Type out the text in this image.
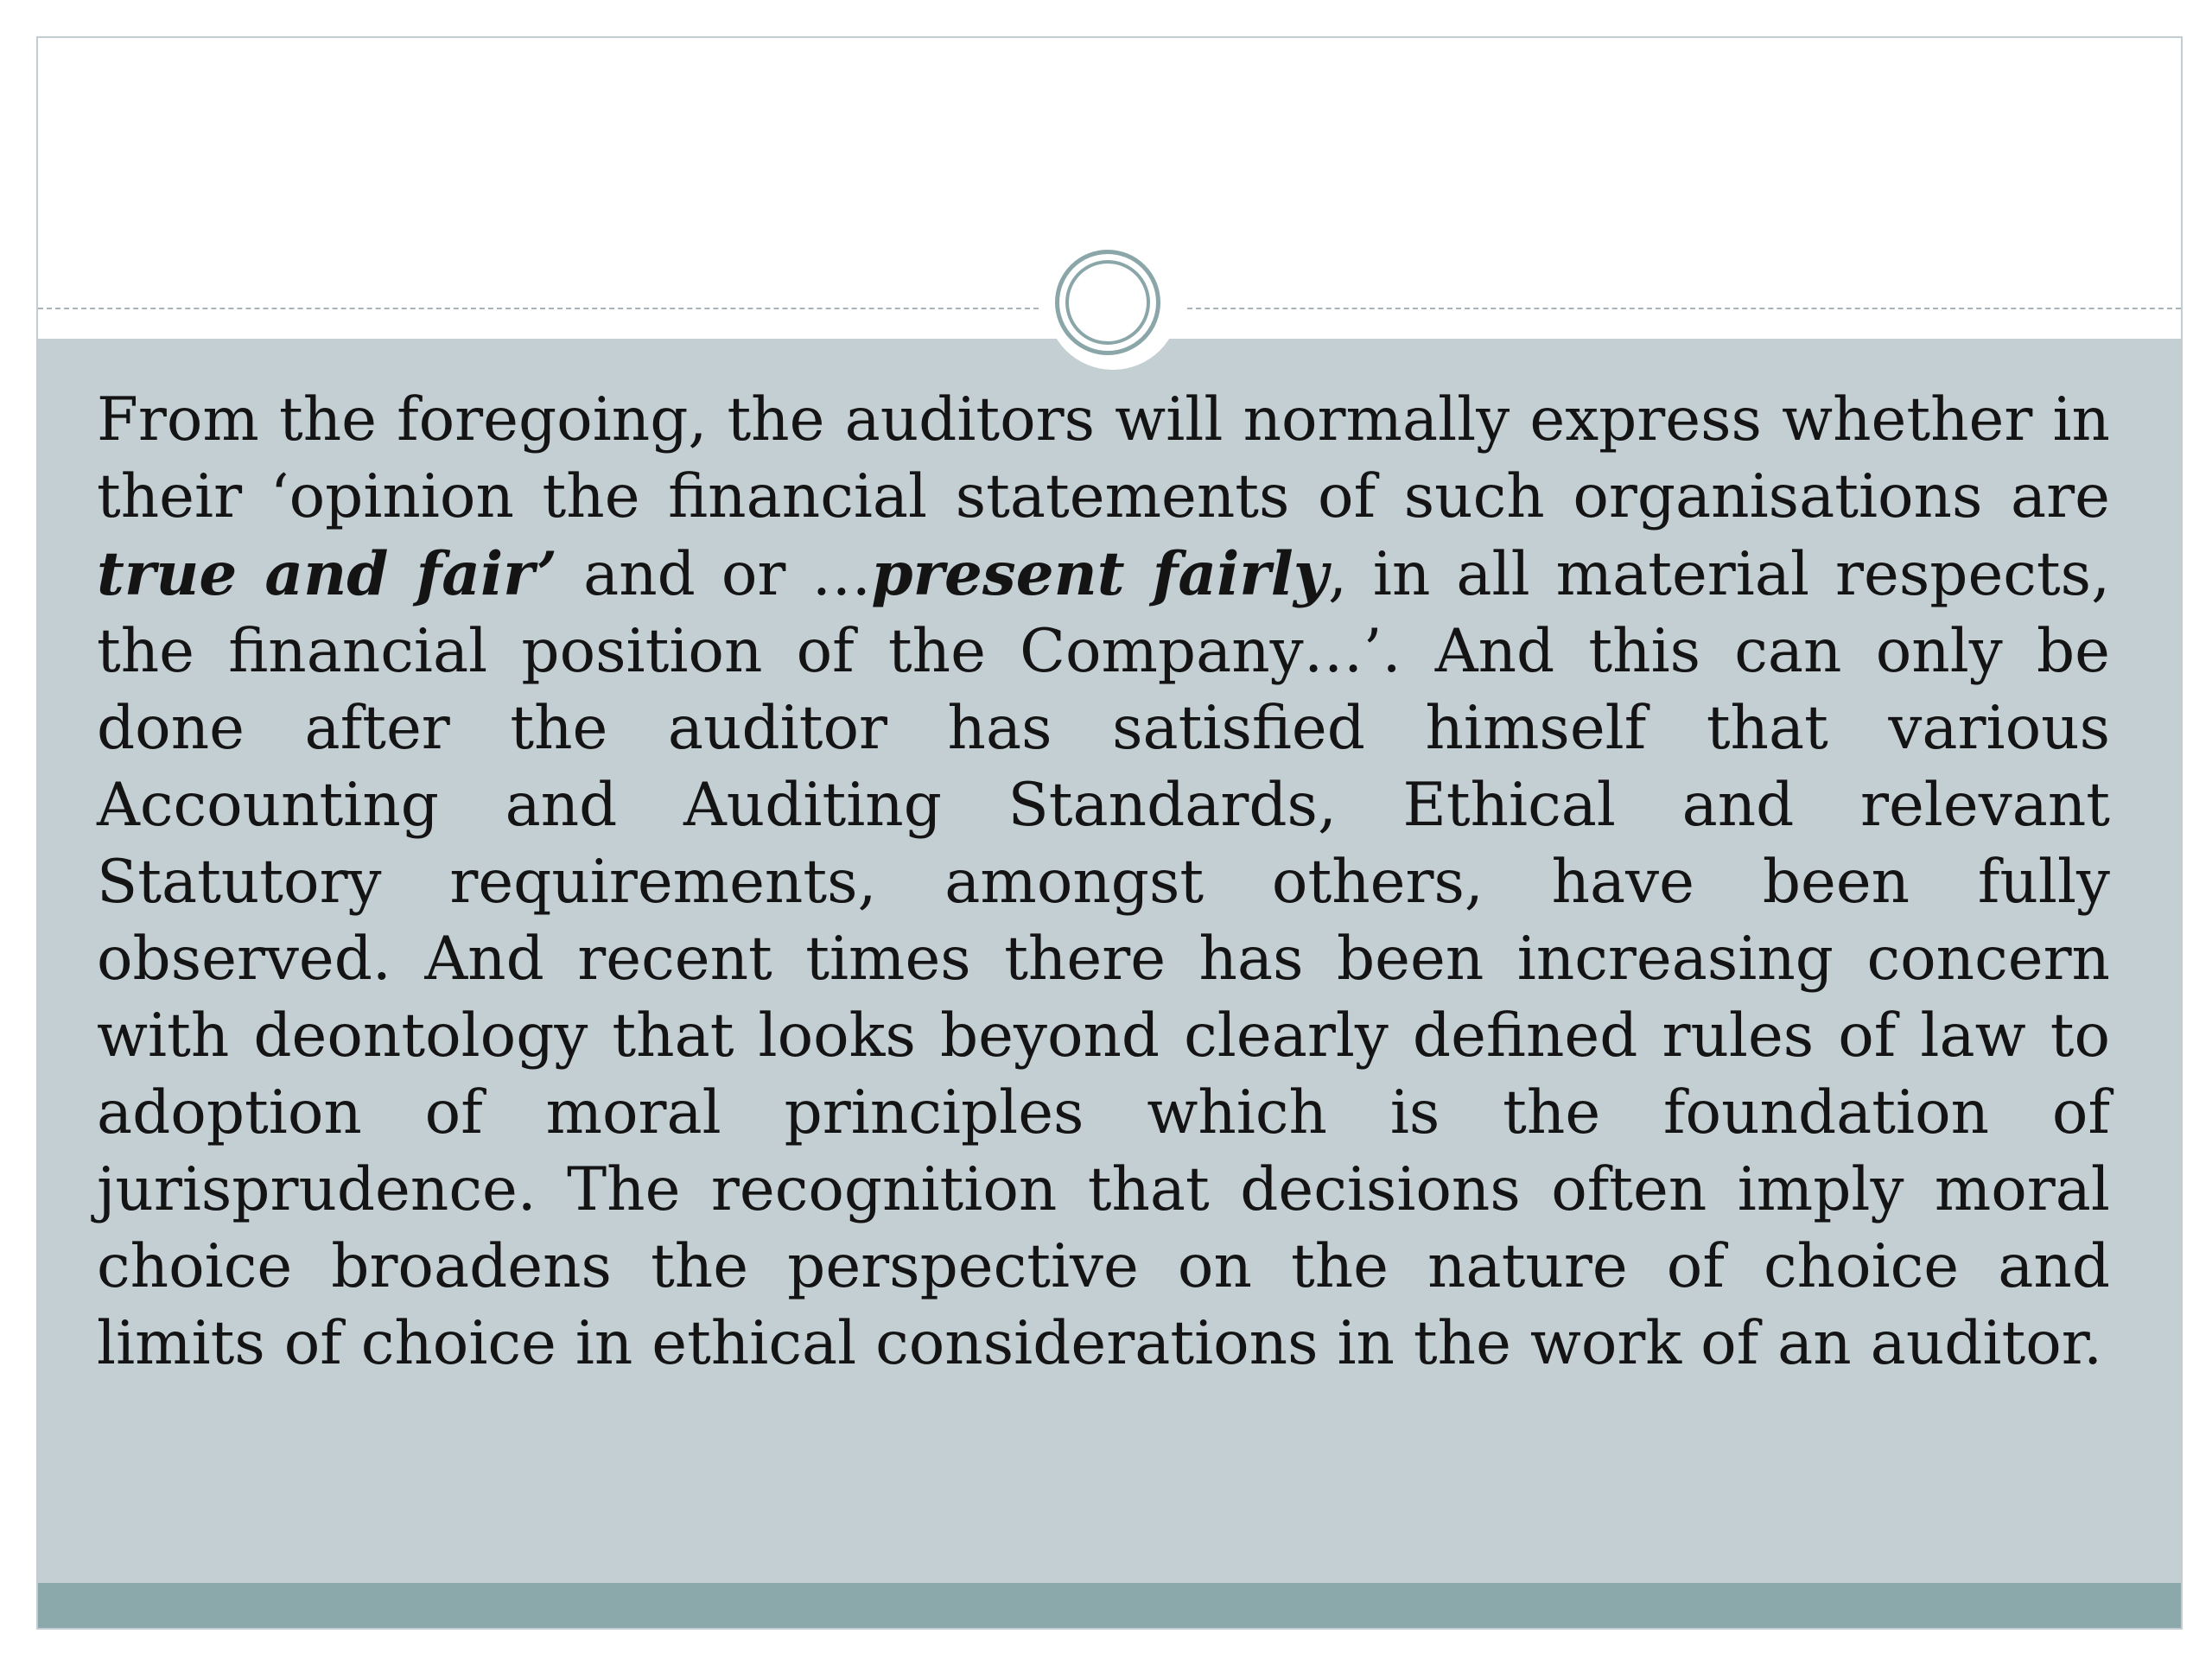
From the foregoing, the auditors will normally express whether in their ‘opinion the financial statements of such organisations are true and fair’ and or …present fairly, in all material respects, the financial position of the Company…’. And this can only be done after the auditor has satisfied himself that various Accounting and Auditing Standards, Ethical and relevant Statutory requirements, amongst others, have been fully observed. And recent times there has been increasing concern with deontology that looks beyond clearly defined rules of law to adoption of moral principles which is the foundation of jurisprudence. The recognition that decisions often imply moral choice broadens the perspective on the nature of choice and limits of choice in ethical considerations in the work of an auditor.
